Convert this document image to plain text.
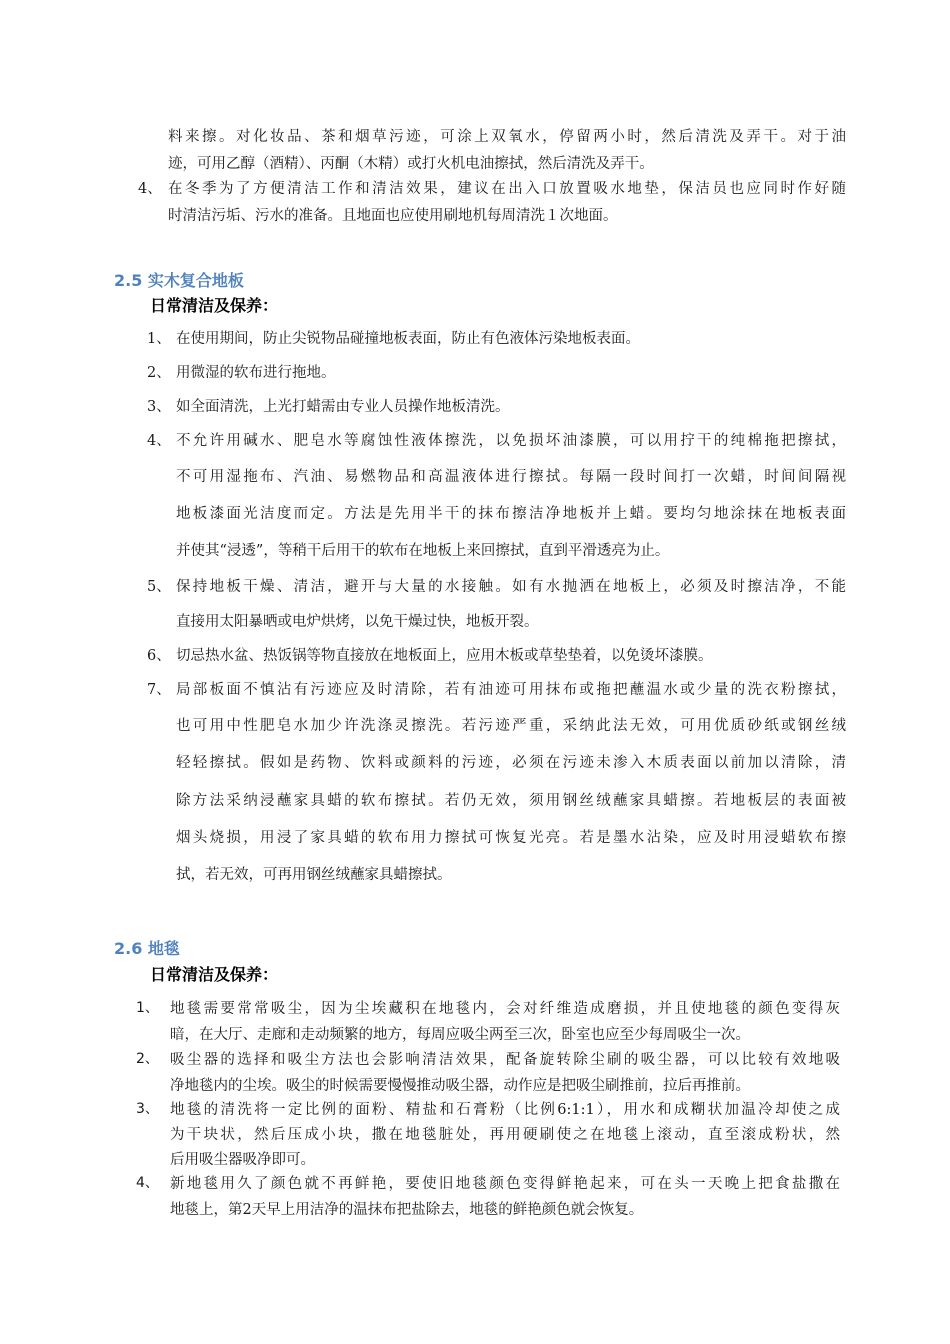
料来擦。对化妆品、茶和烟草污迹，可涂上双氧水，停留两小时，然后清洗及弄干。对于油
迹，可用乙醇（酒精）、丙酮（木精）或打火机电油擦拭，然后清洗及弄干。
4、 在冬季为了方便清洁工作和清洁效果，建议在出入口放置吸水地垫，保洁员也应同时作好随
时清洁污垢、污水的准备。且地面也应使用刷地机每周清洗１次地面。
2.5 实木复合地板
日常清洁及保养：
1、 在使用期间，防止尖锐物品碰撞地板表面，防止有色液体污染地板表面。
2、 用微湿的软布进行拖地。
3、 如全面清洗，上光打蜡需由专业人员操作地板清洗。
4、 不允许用碱水、肥皂水等腐蚀性液体擦洗，以免损坏油漆膜，可以用拧干的纯棉拖把擦拭，
不可用湿拖布、汽油、易燃物品和高温液体进行擦拭。每隔一段时间打一次蜡，时间间隔视
地板漆面光洁度而定。方法是先用半干的抹布擦洁净地板并上蜡。要均匀地涂抹在地板表面
并使其“浸透”，等稍干后用干的软布在地板上来回擦拭，直到平滑透亮为止。
5、 保持地板干燥、清洁，避开与大量的水接触。如有水抛洒在地板上，必须及时擦洁净，不能
直接用太阳暴晒或电炉烘烤，以免干燥过快，地板开裂。
6、 切忌热水盆、热饭锅等物直接放在地板面上，应用木板或草垫垫着，以免烫坏漆膜。
7、 局部板面不慎沾有污迹应及时清除，若有油迹可用抹布或拖把蘸温水或少量的洗衣粉擦拭，
也可用中性肥皂水加少许洗涤灵擦洗。若污迹严重，采纳此法无效，可用优质砂纸或钢丝绒
轻轻擦拭。假如是药物、饮料或颜料的污迹，必须在污迹未渗入木质表面以前加以清除，清
除方法采纳浸蘸家具蜡的软布擦拭。若仍无效，须用钢丝绒蘸家具蜡擦。若地板层的表面被
烟头烧损，用浸了家具蜡的软布用力擦拭可恢复光亮。若是墨水沾染，应及时用浸蜡软布擦
拭，若无效，可再用钢丝绒蘸家具蜡擦拭。
2.6 地毯
日常清洁及保养：
1、 地毯需要常常吸尘，因为尘埃藏积在地毯内，会对纤维造成磨损，并且使地毯的颜色变得灰
暗，在大厅、走廊和走动频繁的地方，每周应吸尘两至三次，卧室也应至少每周吸尘一次。
2、 吸尘器的选择和吸尘方法也会影响清洁效果，配备旋转除尘刷的吸尘器，可以比较有效地吸
净地毯内的尘埃。吸尘的时候需要慢慢推动吸尘器，动作应是把吸尘刷推前，拉后再推前。
3、 地毯的清洗将一定比例的面粉、精盐和石膏粉（比例6:1:1），用水和成糊状加温冷却使之成
为干块状，然后压成小块，撒在地毯脏处，再用硬刷使之在地毯上滚动，直至滚成粉状，然
后用吸尘器吸净即可。
4、 新地毯用久了颜色就不再鲜艳，要使旧地毯颜色变得鲜艳起来，可在头一天晚上把食盐撒在
地毯上，第2天早上用洁净的温抹布把盐除去，地毯的鲜艳颜色就会恢复。
